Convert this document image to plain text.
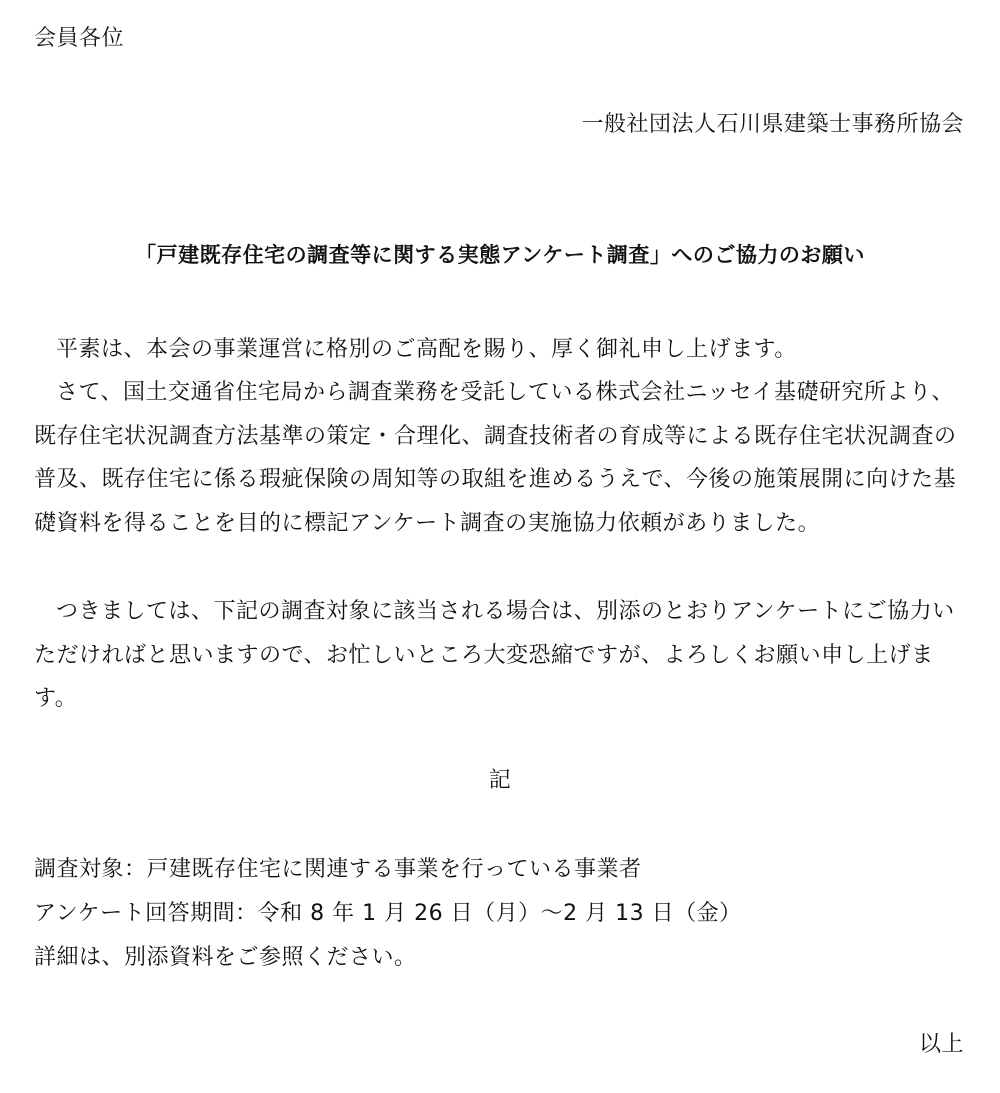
会員各位
一般社団法人石川県建築士事務所協会
「戸建既存住宅の調査等に関する実態アンケート調査」へのご協力のお願い
平素は、本会の事業運営に格別のご高配を賜り、厚く御礼申し上げます。
さて、国土交通省住宅局から調査業務を受託している株式会社ニッセイ基礎研究所より、既存住宅状況調査方法基準の策定・合理化、調査技術者の育成等による既存住宅状況調査の普及、既存住宅に係る瑕疵保険の周知等の取組を進めるうえで、今後の施策展開に向けた基礎資料を得ることを目的に標記アンケート調査の実施協力依頼がありました。
つきましては、下記の調査対象に該当される場合は、別添のとおりアンケートにご協力いただければと思いますので、お忙しいところ大変恐縮ですが、よろしくお願い申し上げます。
記
調査対象：戸建既存住宅に関連する事業を行っている事業者
アンケート回答期間：令和 8 年 1 月 26 日（月）～2 月 13 日（金）
詳細は、別添資料をご参照ください。
以上
